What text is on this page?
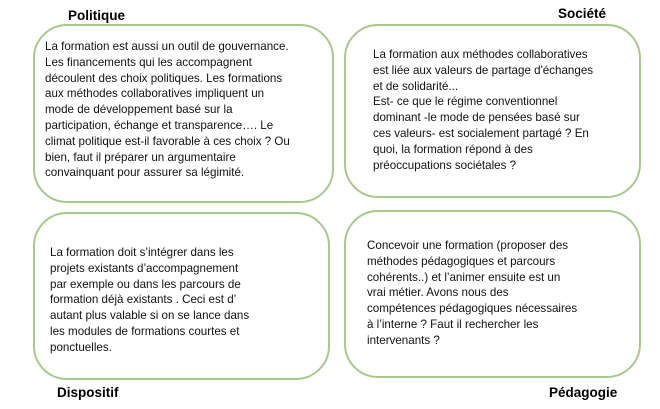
Politique	Société
La formation est aussi un outil de gouvernance.
Les financements qui les accompagnent
découlent des choix politiques. Les formations
aux méthodes collaboratives impliquent un
mode de développement basé sur la
participation, échange et transparence…. Le
climat politique est-il favorable à ces choix ? Ou
bien, faut il préparer un argumentaire
convainquant pour assurer sa légimité.
La formation aux méthodes collaboratives
est liée aux valeurs de partage d'échanges
et de solidarité...
Est- ce que le régime conventionnel
dominant -le mode de pensées basé sur
ces valeurs- est socialement partagé ? En
quoi, la formation répond à des
préoccupations sociétales ?
La formation doit s’intégrer dans les
projets existants d’accompagnement
par exemple ou dans les parcours de
formation déjà existants . Ceci est d’
autant plus valable si on se lance dans
les modules de formations courtes et
ponctuelles.
Concevoir une formation (proposer des
méthodes pédagogiques et parcours
cohérents..) et l’animer ensuite est un
vrai métier. Avons nous des
compétences pédagogiques nécessaires
à l’interne ? Faut il rechercher les
intervenants ?
Dispositif	Pédagogie
